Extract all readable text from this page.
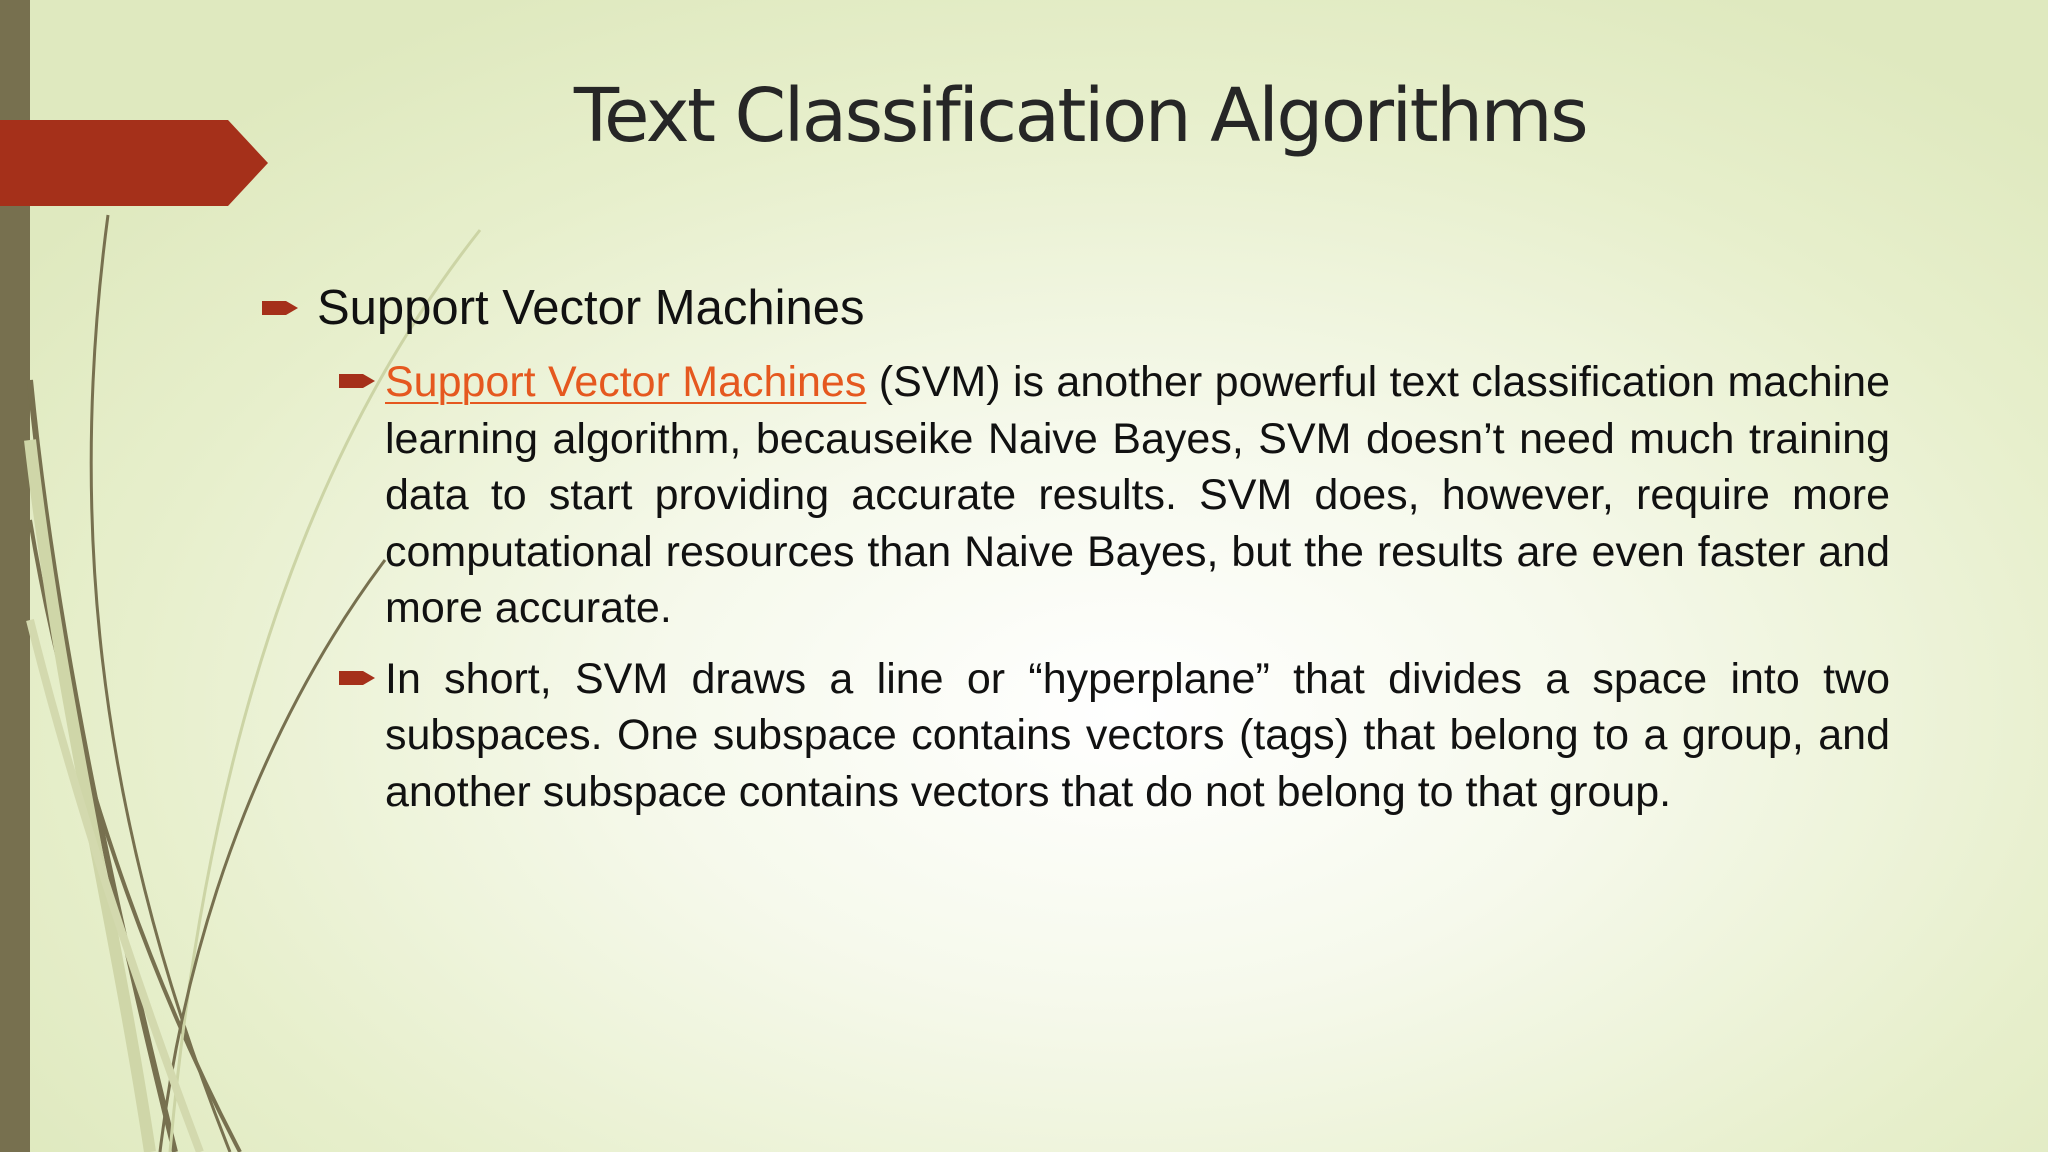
Text Classification Algorithms
Support Vector Machines
Support Vector Machines (SVM) is another powerful text classification machine learning algorithm, becauseike Naive Bayes, SVM doesn’t need much training data to start providing accurate results. SVM does, however, require more computational resources than Naive Bayes, but the results are even faster and more accurate.
In short, SVM draws a line or “hyperplane” that divides a space into two subspaces. One subspace contains vectors (tags) that belong to a group, and another subspace contains vectors that do not belong to that group.
